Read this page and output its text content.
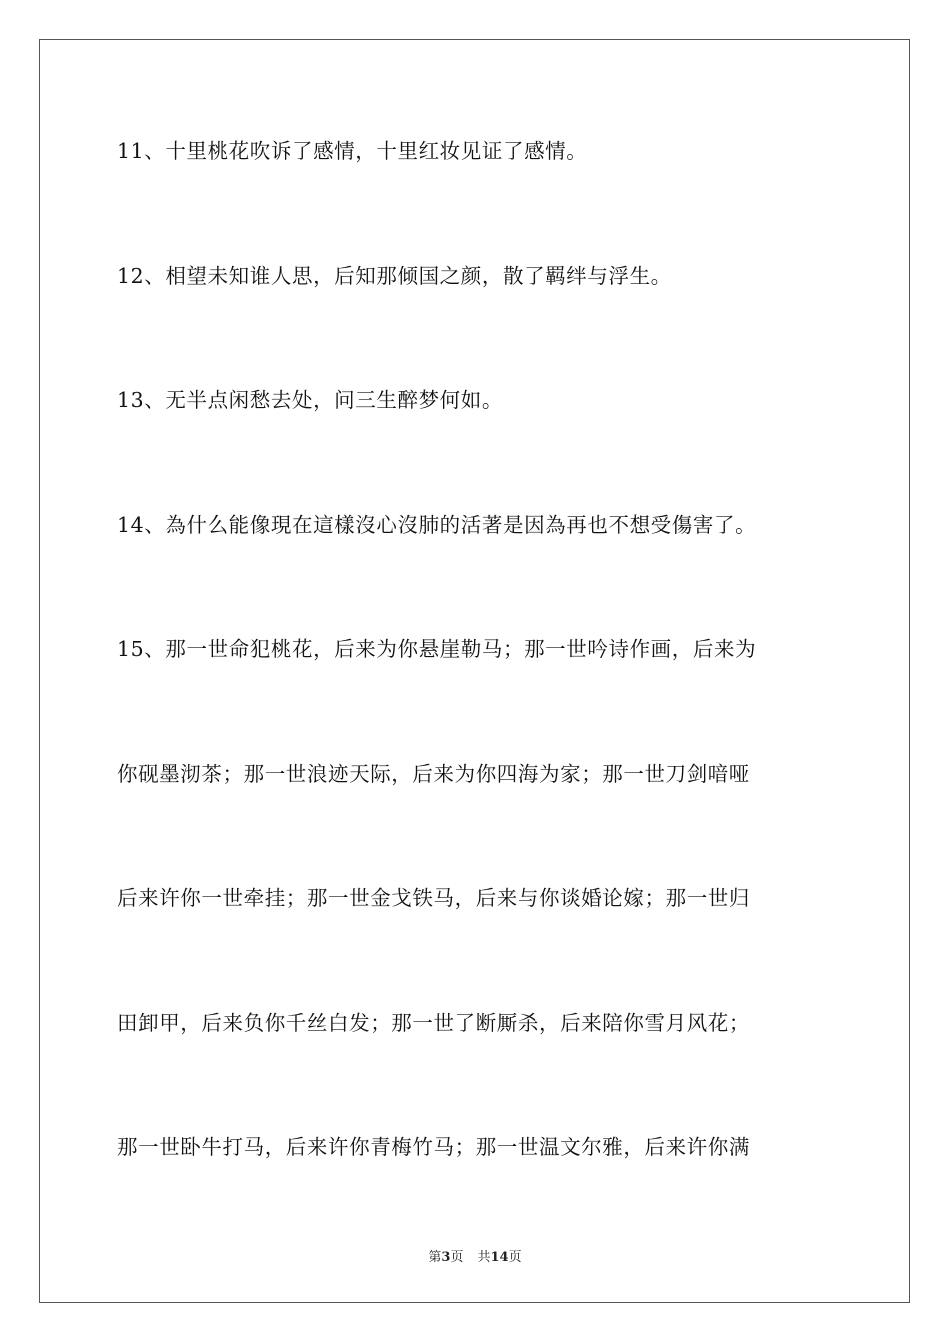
11、十里桃花吹诉了感情，十里红妆见证了感情。

12、相望未知谁人思，后知那倾国之颜，散了羁绊与浮生。

13、无半点闲愁去处，问三生醉梦何如。

14、為什么能像現在這樣沒心沒肺的活著是因為再也不想受傷害了。

15、那一世命犯桃花，后来为你悬崖勒马；那一世吟诗作画，后来为

你砚墨沏茶；那一世浪迹天际，后来为你四海为家；那一世刀剑喑哑

后来许你一世牵挂；那一世金戈铁马，后来与你谈婚论嫁；那一世归

田卸甲，后来负你千丝白发；那一世了断厮杀，后来陪你雪月风花；

那一世卧牛打马，后来许你青梅竹马；那一世温文尔雅，后来许你满

第3页 共14页
